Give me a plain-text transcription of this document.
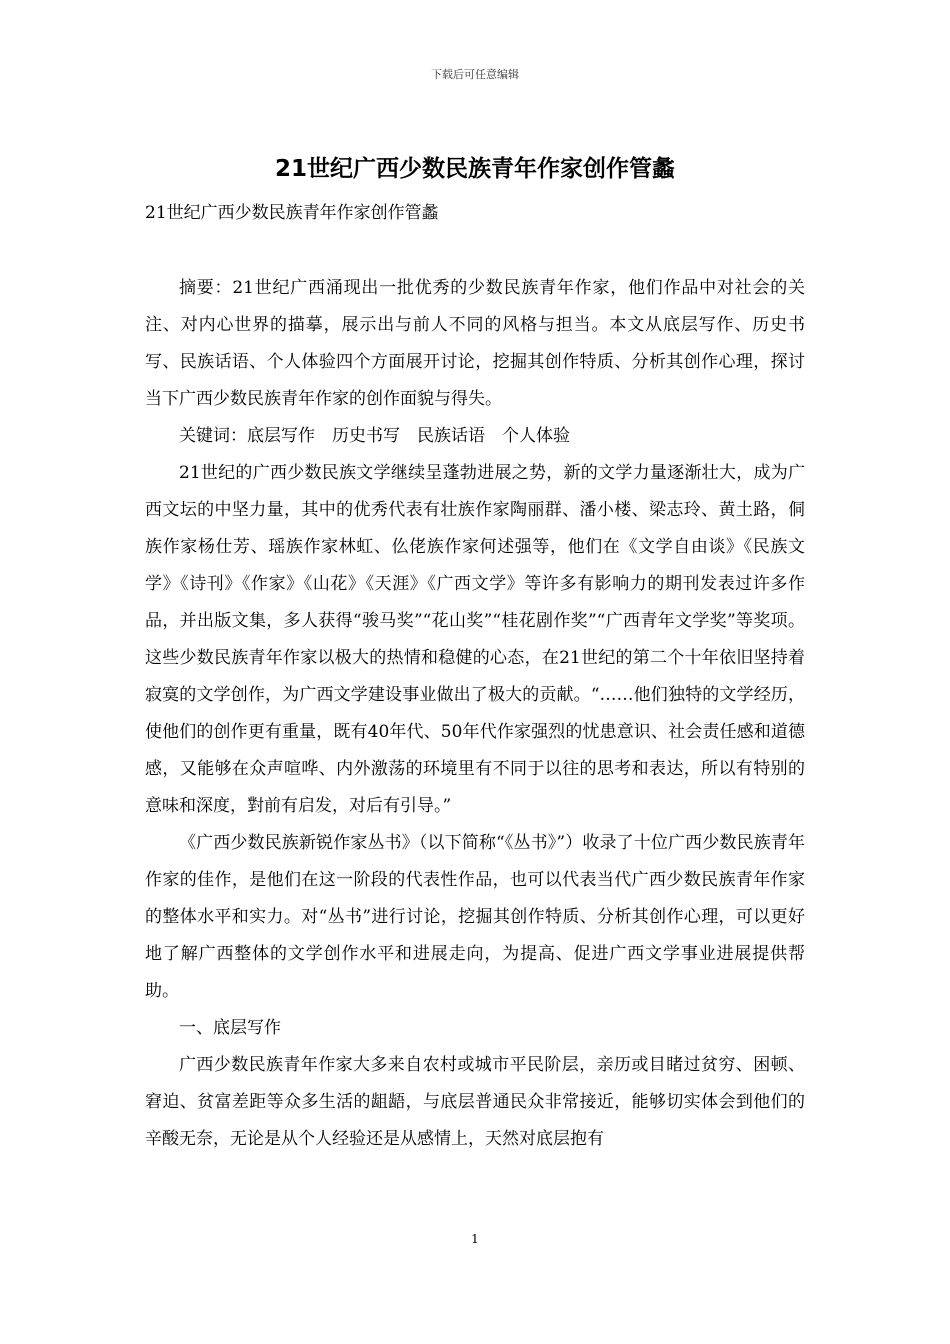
下载后可任意编辑
21世纪广西少数民族青年作家创作管蠡

21世纪广西少数民族青年作家创作管蠡

摘要：21世纪广西涌现出一批优秀的少数民族青年作家，他们作品中对社会的关注、对内心世界的描摹，展示出与前人不同的风格与担当。本文从底层写作、历史书写、民族话语、个人体验四个方面展开讨论，挖掘其创作特质、分析其创作心理，探讨当下广西少数民族青年作家的创作面貌与得失。

关键词：底层写作　历史书写　民族话语　个人体验

21世纪的广西少数民族文学继续呈蓬勃进展之势，新的文学力量逐渐壮大，成为广西文坛的中坚力量，其中的优秀代表有壮族作家陶丽群、潘小楼、梁志玲、黄土路，侗族作家杨仕芳、瑶族作家林虹、仫佬族作家何述强等，他们在《文学自由谈》《民族文学》《诗刊》《作家》《山花》《天涯》《广西文学》等许多有影响力的期刊发表过许多作品，并出版文集，多人获得“骏马奖”“花山奖”“桂花剧作奖”“广西青年文学奖”等奖项。这些少数民族青年作家以极大的热情和稳健的心态，在21世纪的第二个十年依旧坚持着寂寞的文学创作，为广西文学建设事业做出了极大的贡献。“……他们独特的文学经历，使他们的创作更有重量，既有40年代、50年代作家强烈的忧患意识、社会责任感和道德感，又能够在众声喧哗、内外激荡的环境里有不同于以往的思考和表达，所以有特别的意味和深度，對前有启发，对后有引导。”

《广西少数民族新锐作家丛书》（以下简称“《丛书》”）收录了十位广西少数民族青年作家的佳作，是他们在这一阶段的代表性作品，也可以代表当代广西少数民族青年作家的整体水平和实力。对“丛书”进行讨论，挖掘其创作特质、分析其创作心理，可以更好地了解广西整体的文学创作水平和进展走向，为提高、促进广西文学事业进展提供帮助。

一、底层写作

广西少数民族青年作家大多来自农村或城市平民阶层，亲历或目睹过贫穷、困顿、窘迫、贫富差距等众多生活的龃龉，与底层普通民众非常接近，能够切实体会到他们的辛酸无奈，无论是从个人经验还是从感情上，天然对底层抱有

1
